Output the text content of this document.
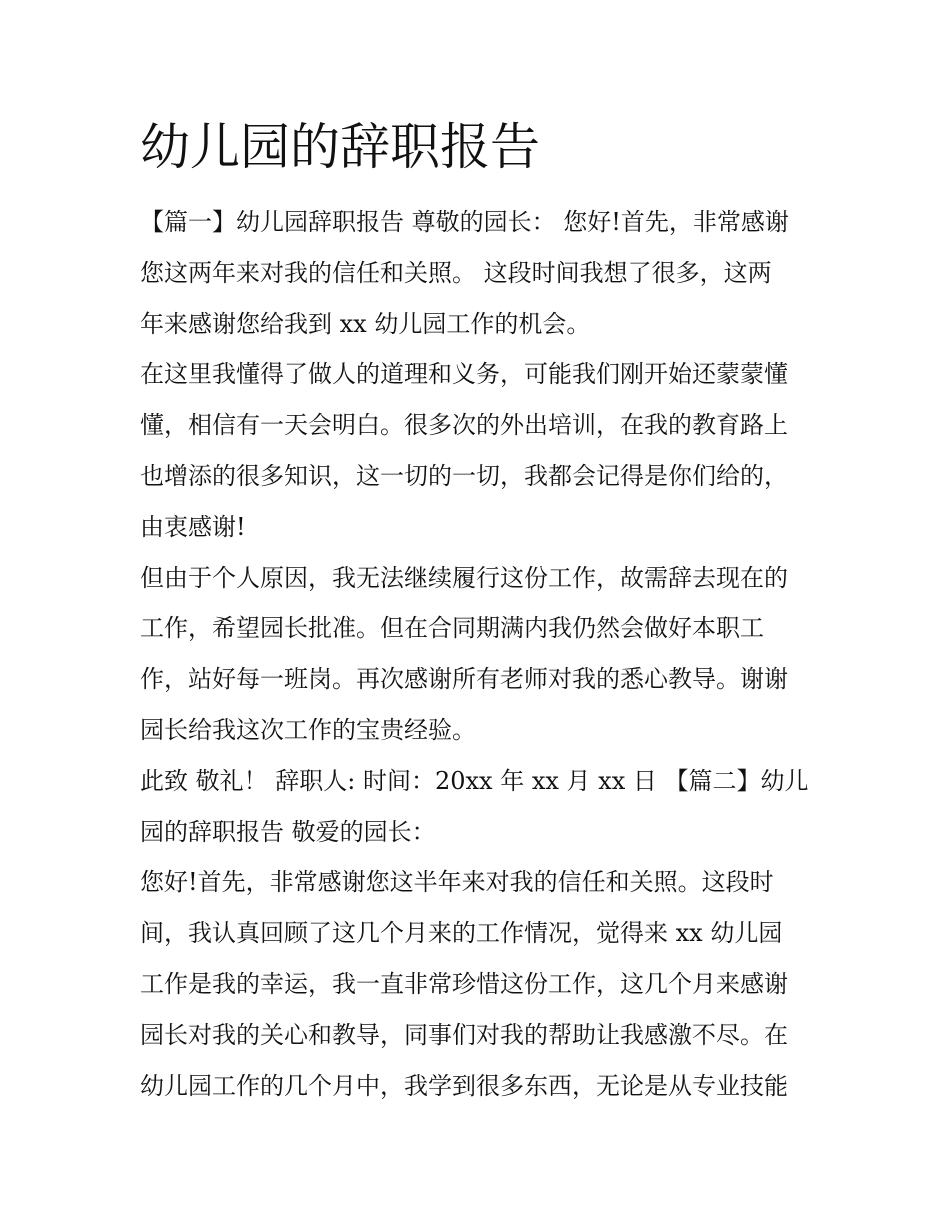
幼儿园的辞职报告
【篇一】幼儿园辞职报告 尊敬的园长： 您好!首先，非常感谢
您这两年来对我的信任和关照。 这段时间我想了很多，这两
年来感谢您给我到 xx 幼儿园工作的机会。
在这里我懂得了做人的道理和义务，可能我们刚开始还蒙蒙懂
懂，相信有一天会明白。很多次的外出培训，在我的教育路上
也增添的很多知识，这一切的一切，我都会记得是你们给的，
由衷感谢!
但由于个人原因，我无法继续履行这份工作，故需辞去现在的
工作，希望园长批准。但在合同期满内我仍然会做好本职工
作，站好每一班岗。再次感谢所有老师对我的悉心教导。谢谢
园长给我这次工作的宝贵经验。
此致 敬礼！ 辞职人: 时间：20xx 年 xx 月 xx 日 【篇二】幼儿
园的辞职报告 敬爱的园长：
您好!首先，非常感谢您这半年来对我的信任和关照。这段时
间，我认真回顾了这几个月来的工作情况，觉得来 xx 幼儿园
工作是我的幸运，我一直非常珍惜这份工作，这几个月来感谢
园长对我的关心和教导，同事们对我的帮助让我感激不尽。在
幼儿园工作的几个月中，我学到很多东西，无论是从专业技能
